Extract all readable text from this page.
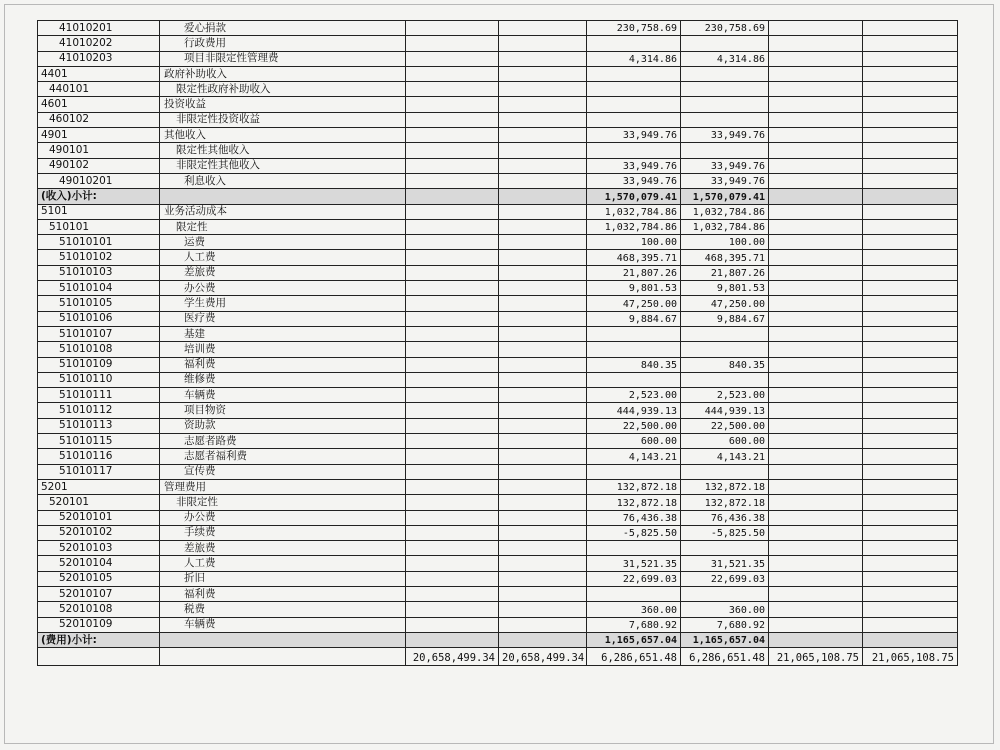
41010201	爱心捐款			230,758.69	230,758.69		
41010202	行政费用						
41010203	项目非限定性管理费			4,314.86	4,314.86		
4401	政府补助收入						
440101	限定性政府补助收入						
4601	投资收益						
460102	非限定性投资收益						
4901	其他收入			33,949.76	33,949.76		
490101	限定性其他收入						
490102	非限定性其他收入			33,949.76	33,949.76		
49010201	利息收入			33,949.76	33,949.76		
(收入)小计:				1,570,079.41	1,570,079.41		
5101	业务活动成本			1,032,784.86	1,032,784.86		
510101	限定性			1,032,784.86	1,032,784.86		
51010101	运费			100.00	100.00		
51010102	人工费			468,395.71	468,395.71		
51010103	差旅费			21,807.26	21,807.26		
51010104	办公费			9,801.53	9,801.53		
51010105	学生费用			47,250.00	47,250.00		
51010106	医疗费			9,884.67	9,884.67		
51010107	基建						
51010108	培训费						
51010109	福利费			840.35	840.35		
51010110	维修费						
51010111	车辆费			2,523.00	2,523.00		
51010112	项目物资			444,939.13	444,939.13		
51010113	资助款			22,500.00	22,500.00		
51010115	志愿者路费			600.00	600.00		
51010116	志愿者福利费			4,143.21	4,143.21		
51010117	宣传费						
5201	管理费用			132,872.18	132,872.18		
520101	非限定性			132,872.18	132,872.18		
52010101	办公费			76,436.38	76,436.38		
52010102	手续费			-5,825.50	-5,825.50		
52010103	差旅费						
52010104	人工费			31,521.35	31,521.35		
52010105	折旧			22,699.03	22,699.03		
52010107	福利费						
52010108	税费			360.00	360.00		
52010109	车辆费			7,680.92	7,680.92		
(费用)小计:				1,165,657.04	1,165,657.04		
		20,658,499.34	20,658,499.34	6,286,651.48	6,286,651.48	21,065,108.75	21,065,108.75
